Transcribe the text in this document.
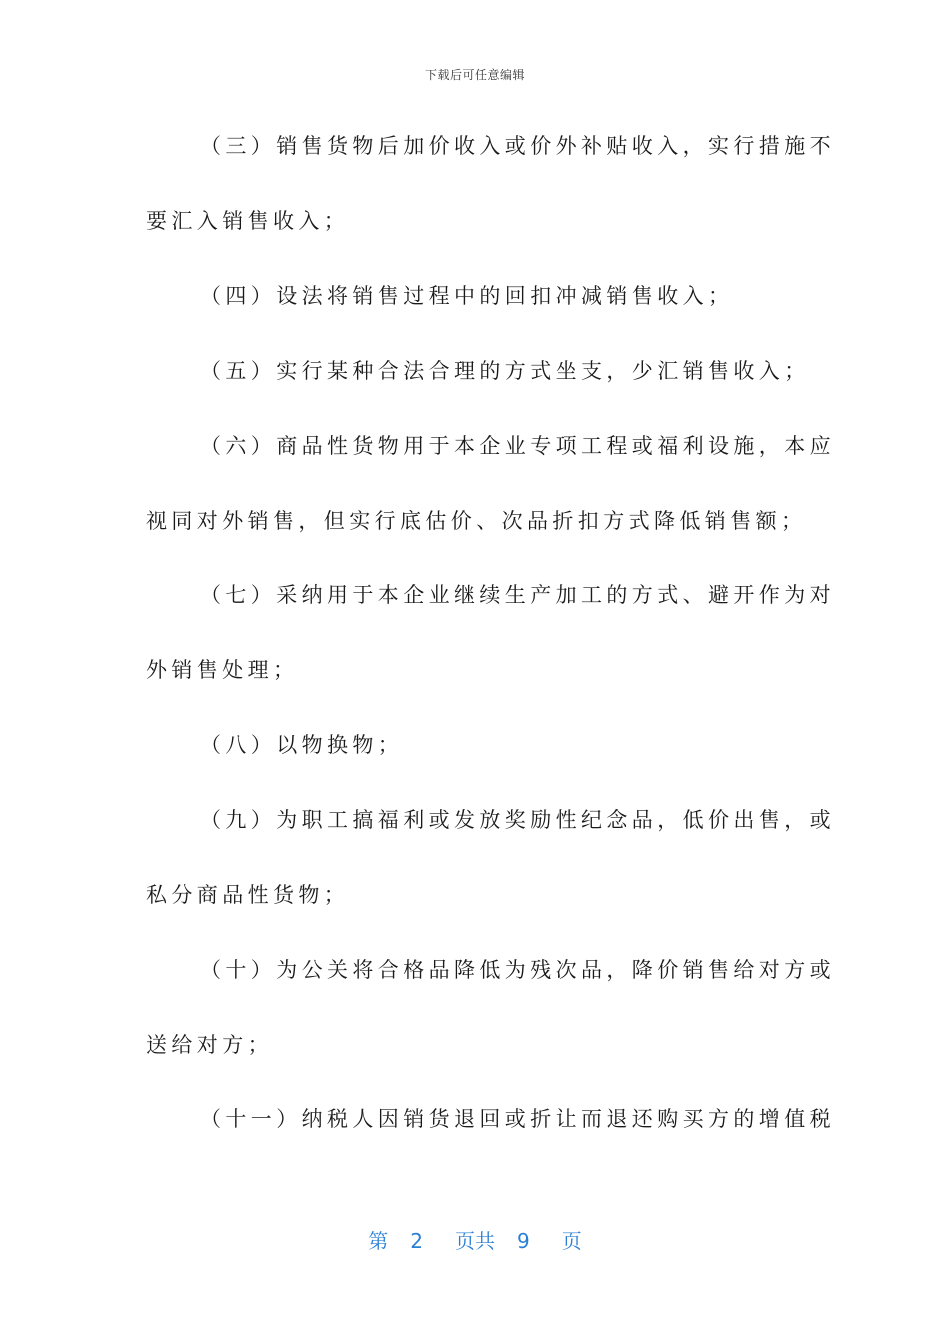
下载后可任意编辑
（三）销售货物后加价收入或价外补贴收入，实行措施不
要汇入销售收入；
（四）设法将销售过程中的回扣冲减销售收入；
（五）实行某种合法合理的方式坐支，少汇销售收入；
（六）商品性货物用于本企业专项工程或福利设施，本应
视同对外销售，但实行底估价、次品折扣方式降低销售额；
（七）采纳用于本企业继续生产加工的方式、避开作为对
外销售处理；
（八）以物换物；
（九）为职工搞福利或发放奖励性纪念品，低价出售，或
私分商品性货物；
（十）为公关将合格品降低为残次品，降价销售给对方或
送给对方；
（十一）纳税人因销货退回或折让而退还购买方的增值税
第 2 页共 9 页
